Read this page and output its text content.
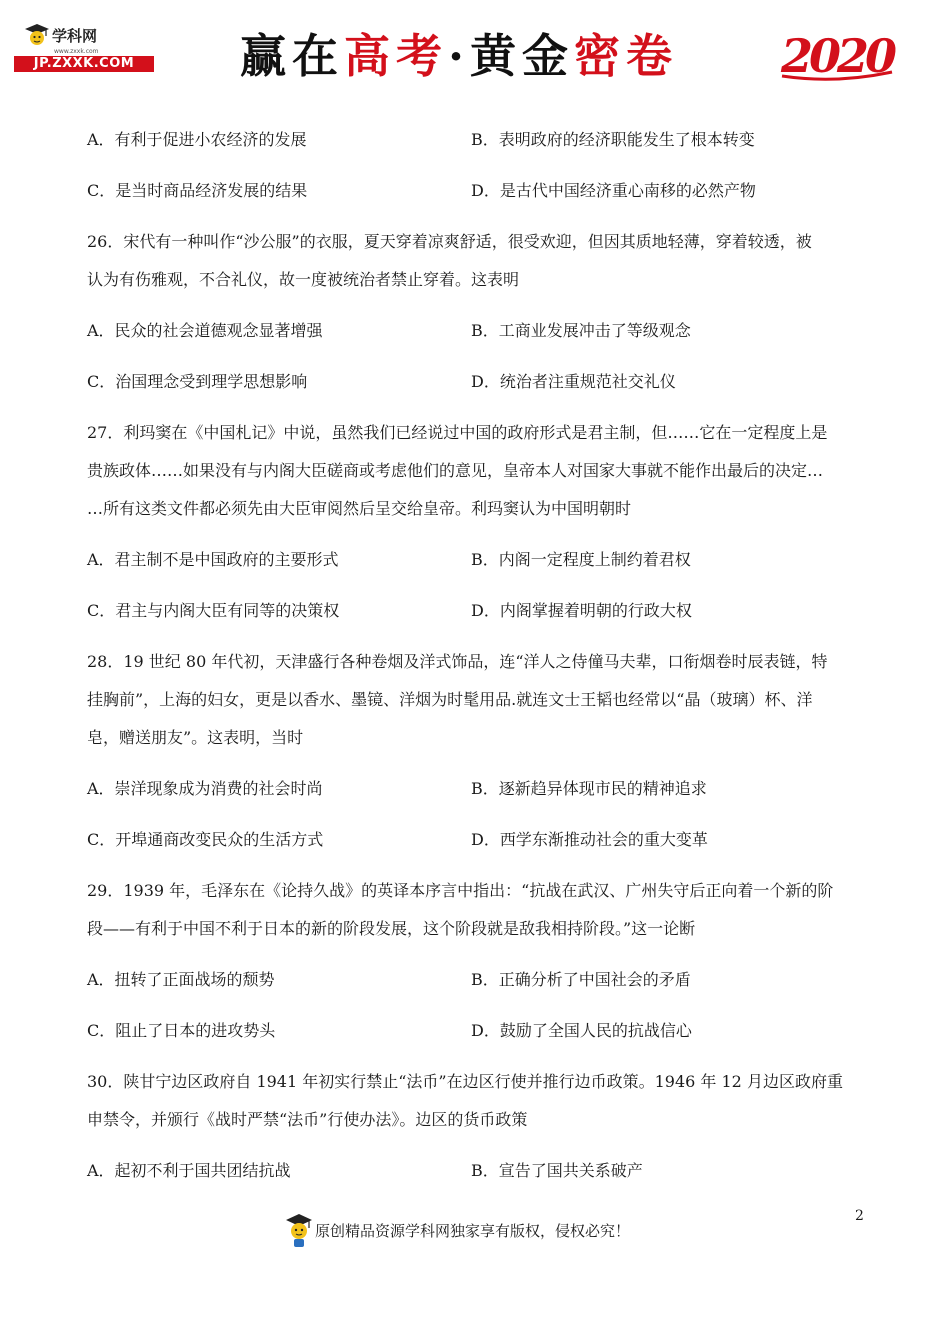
学科网
www.zxxk.com
JP.ZXXK.COM	赢在 高考 ·黄金 密卷 2020
A．有利于促进小农经济的发展	B．表明政府的经济职能发生了根本转变
C．是当时商品经济发展的结果	D．是古代中国经济重心南移的必然产物
26．宋代有一种叫作“沙公服”的衣服，夏天穿着凉爽舒适，很受欢迎，但因其质地轻薄，穿着较透，被
认为有伤雅观，不合礼仪，故一度被统治者禁止穿着。这表明
A．民众的社会道德观念显著增强	B．工商业发展冲击了等级观念
C．治国理念受到理学思想影响	D．统治者注重规范社交礼仪
27．利玛窦在《中国札记》中说，虽然我们已经说过中国的政府形式是君主制，但……它在一定程度上是
贵族政体……如果没有与内阁大臣磋商或考虑他们的意见，皇帝本人对国家大事就不能作出最后的决定…
…所有这类文件都必须先由大臣审阅然后呈交给皇帝。利玛窦认为中国明朝时
A．君主制不是中国政府的主要形式	B．内阁一定程度上制约着君权
C．君主与内阁大臣有同等的决策权	D．内阁掌握着明朝的行政大权
28．19 世纪 80 年代初，天津盛行各种卷烟及洋式饰品，连“洋人之侍僮马夫辈，口衔烟卷时辰表链，特
挂胸前”，上海的妇女，更是以香水、墨镜、洋烟为时髦用品.就连文士王韬也经常以“晶（玻璃）杯、洋
皂，赠送朋友”。这表明，当时
A．崇洋现象成为消费的社会时尚	B．逐新趋异体现市民的精神追求
C．开埠通商改变民众的生活方式	D．西学东渐推动社会的重大变革
29．1939 年，毛泽东在《论持久战》的英译本序言中指出：“抗战在武汉、广州失守后正向着一个新的阶
段——有利于中国不利于日本的新的阶段发展，这个阶段就是敌我相持阶段。”这一论断
A．扭转了正面战场的颓势	B．正确分析了中国社会的矛盾
C．阻止了日本的进攻势头	D．鼓励了全国人民的抗战信心
30．陕甘宁边区政府自 1941 年初实行禁止“法币”在边区行使并推行边币政策。1946 年 12 月边区政府重
申禁令，并颁行《战时严禁“法币”行使办法》。边区的货币政策
A．起初不利于国共团结抗战	B．宣告了国共关系破产
原创精品资源学科网独家享有版权，侵权必究！
2
